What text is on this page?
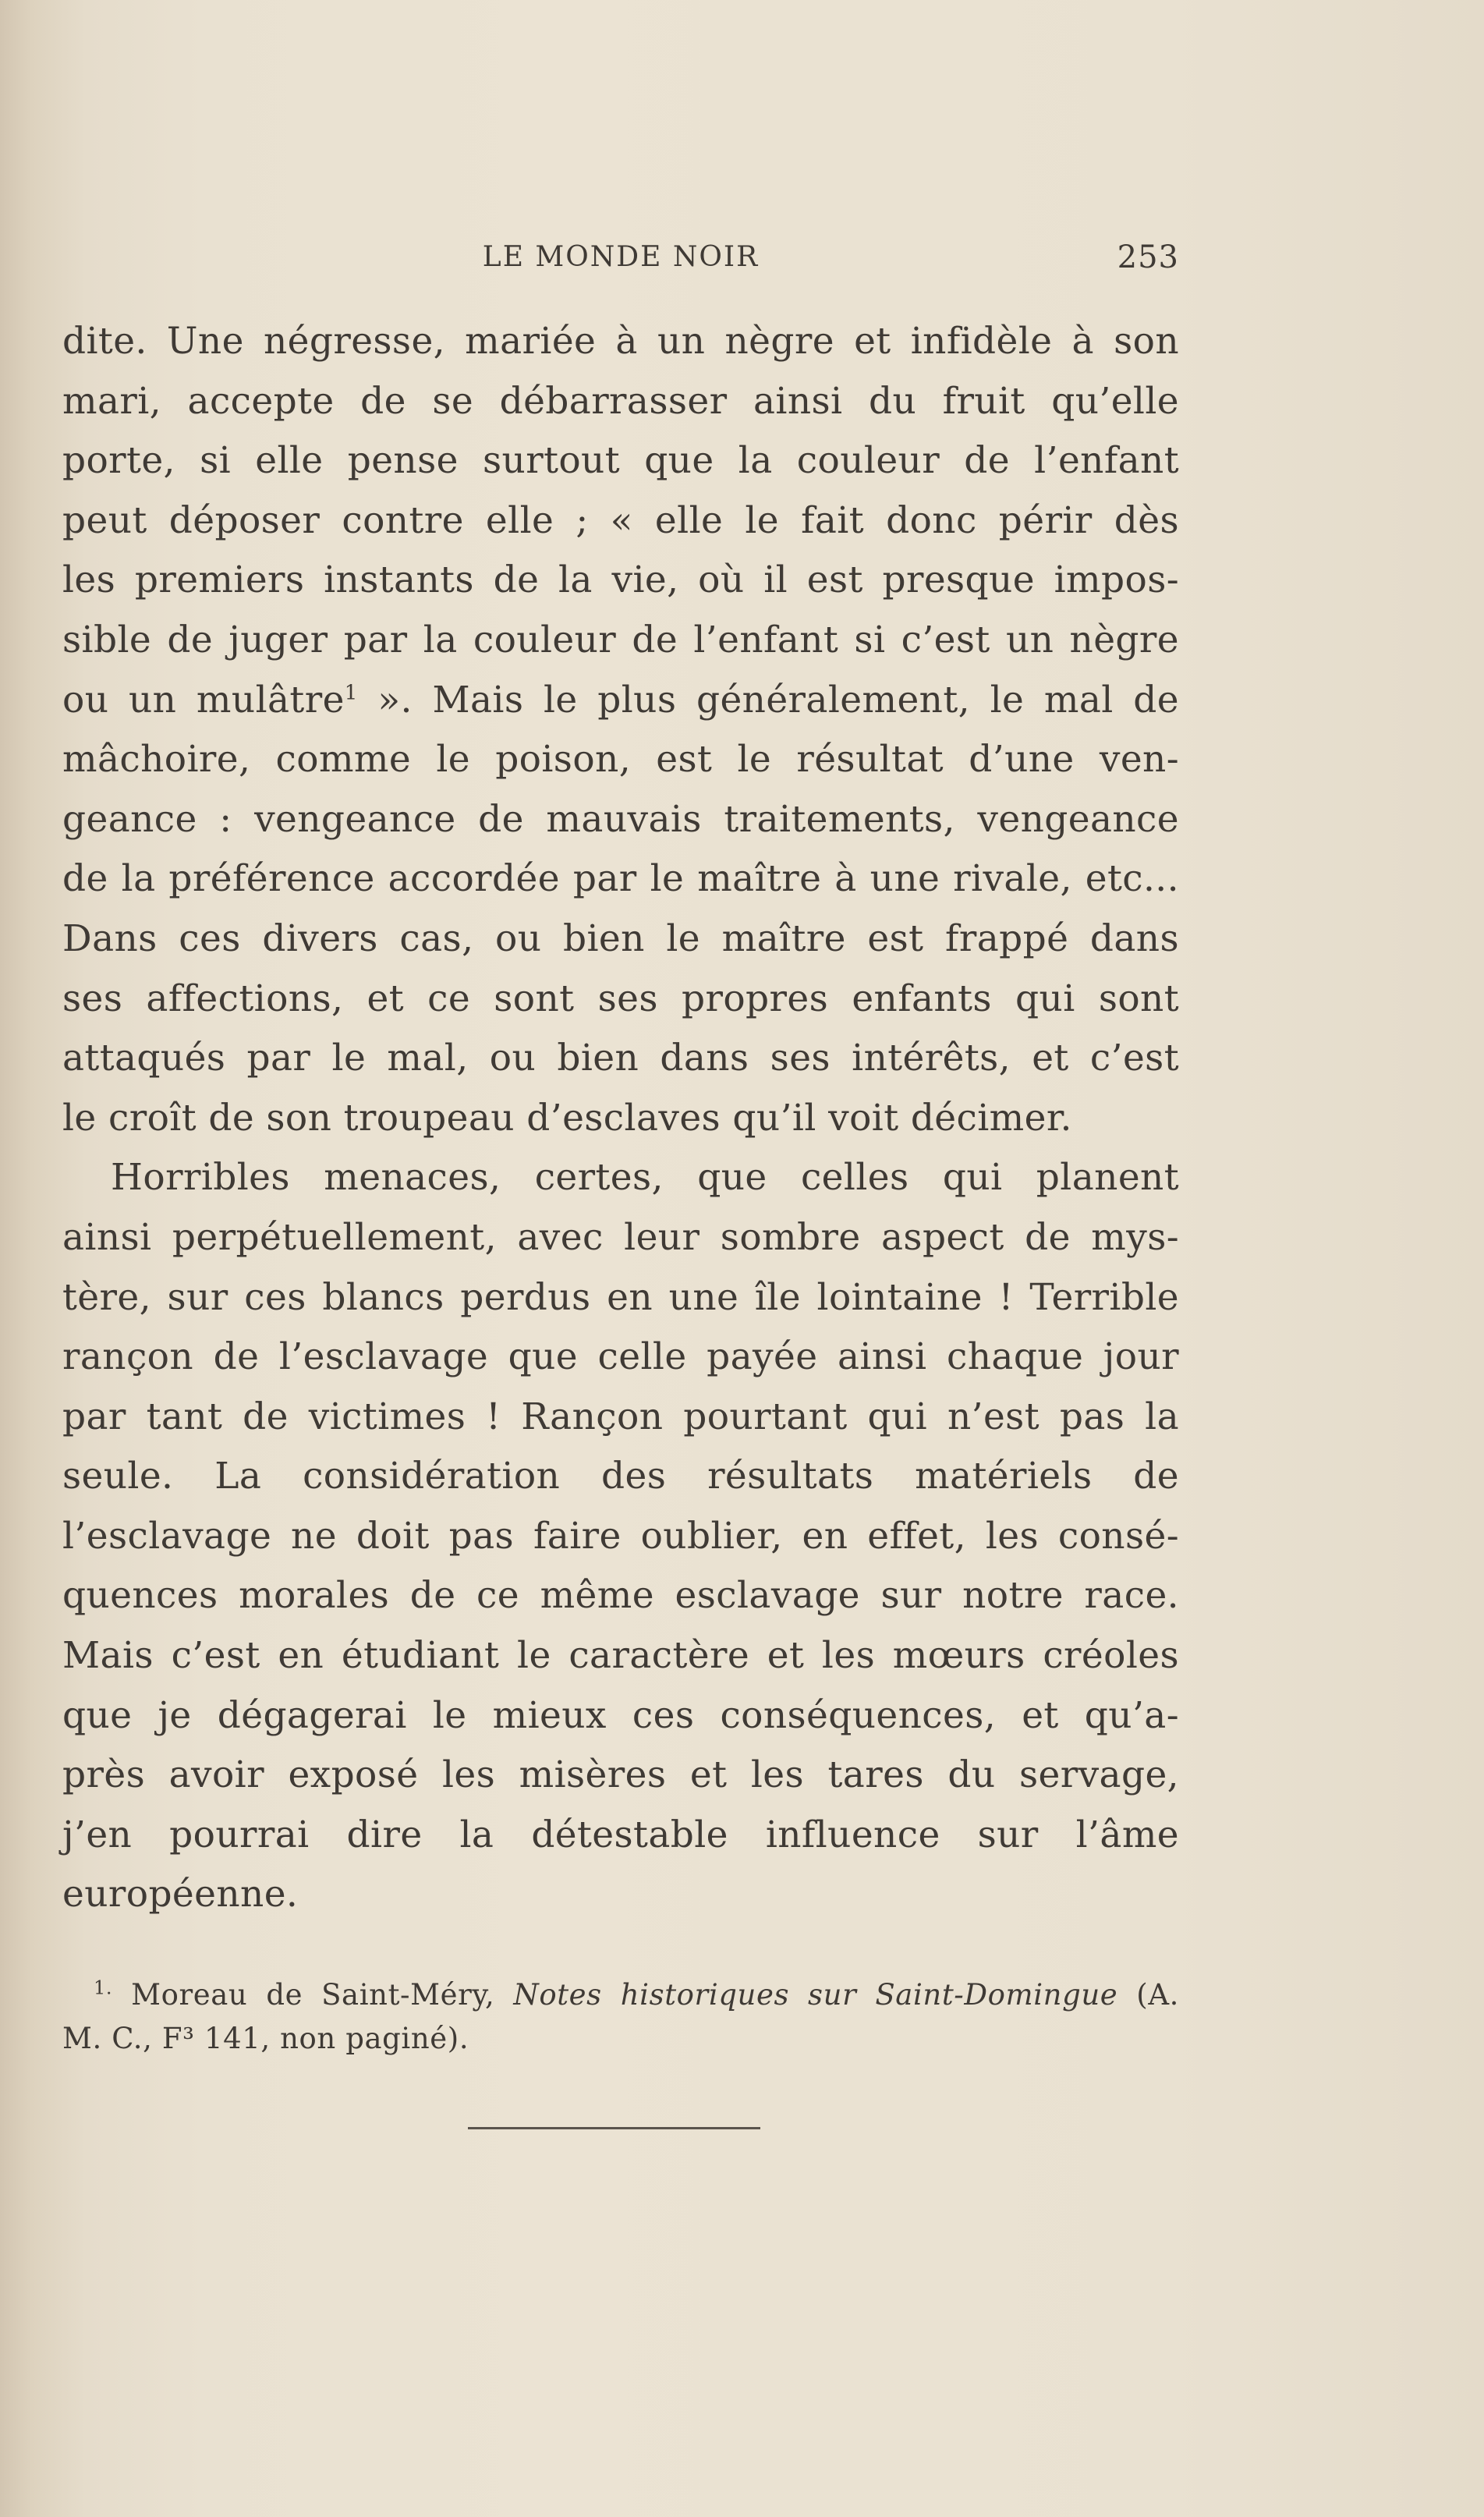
LE MONDE NOIR	253
dite. Une négresse, mariée à un nègre et infidèle à son
mari, accepte de se débarrasser ainsi du fruit qu’elle
porte, si elle pense surtout que la couleur de l’enfant
peut déposer contre elle ; « elle le fait donc périr dès
les premiers instants de la vie, où il est presque impos-
sible de juger par la couleur de l’enfant si c’est un nègre
ou un mulâtre$^1$ ». Mais le plus généralement, le mal de
mâchoire, comme le poison, est le résultat d’une ven-
geance : vengeance de mauvais traitements, vengeance
de la préférence accordée par le maître à une rivale, etc...
Dans ces divers cas, ou bien le maître est frappé dans
ses affections, et ce sont ses propres enfants qui sont
attaqués par le mal, ou bien dans ses intérêts, et c’est
le croît de son troupeau d’esclaves qu’il voit décimer.
Horribles menaces, certes, que celles qui planent
ainsi perpétuellement, avec leur sombre aspect de mys-
tère, sur ces blancs perdus en une île lointaine ! Terrible
rançon de l’esclavage que celle payée ainsi chaque jour
par tant de victimes ! Rançon pourtant qui n’est pas la
seule. La considération des résultats matériels de
l’esclavage ne doit pas faire oublier, en effet, les consé-
quences morales de ce même esclavage sur notre race.
Mais c’est en étudiant le caractère et les mœurs créoles
que je dégagerai le mieux ces conséquences, et qu’a-
près avoir exposé les misères et les tares du servage,
j’en pourrai dire la détestable influence sur l’âme
européenne.
$^{1.}$ Moreau de Saint-Méry, Notes historiques sur Saint-Domingue (A.
M. C., F³ 141, non paginé).
